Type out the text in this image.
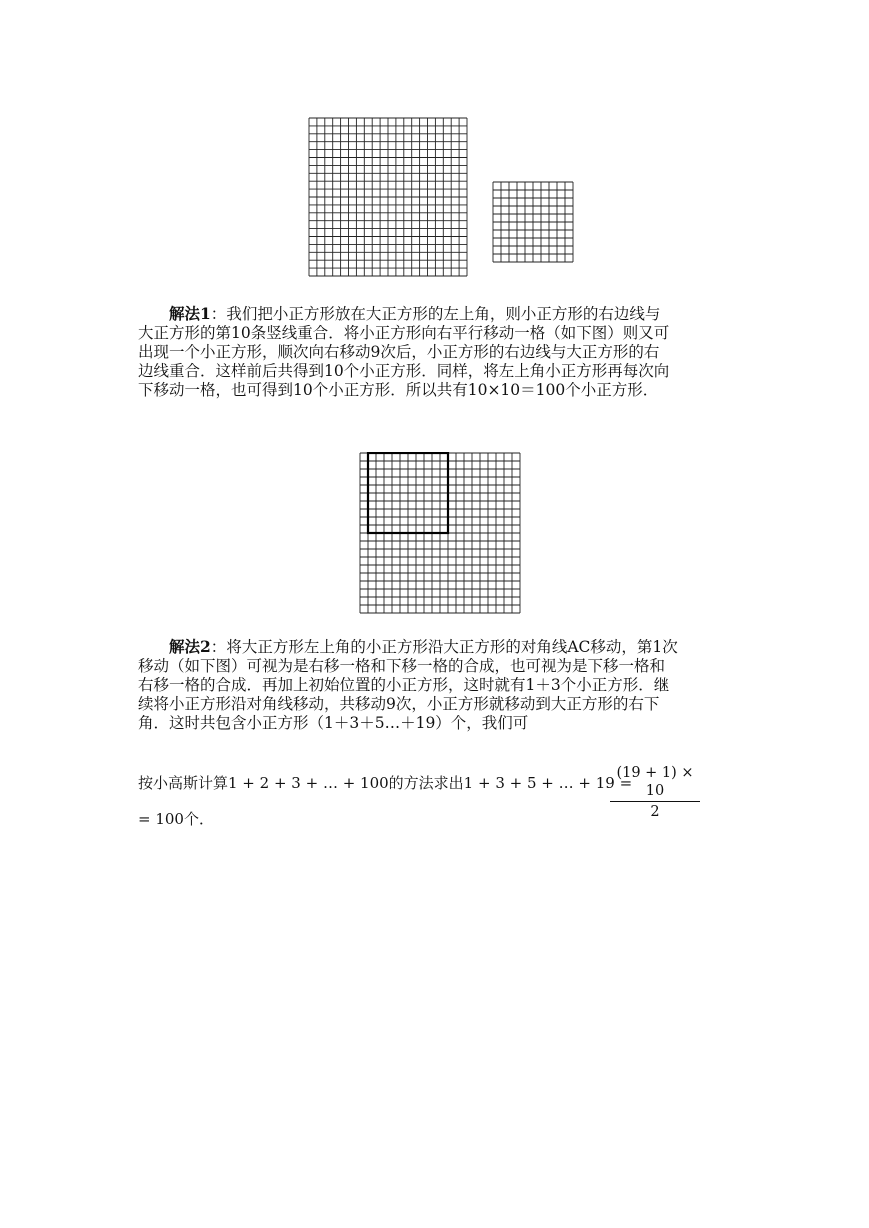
解法1：我们把小正方形放在大正方形的左上角，则小正方形的右边线与
大正方形的第10条竖线重合．将小正方形向右平行移动一格（如下图）则又可
出现一个小正方形，顺次向右移动9次后，小正方形的右边线与大正方形的右
边线重合．这样前后共得到10个小正方形．同样，将左上角小正方形再每次向
下移动一格，也可得到10个小正方形．所以共有10×10＝100个小正方形．
解法2：将大正方形左上角的小正方形沿大正方形的对角线AC移动，第1次
移动（如下图）可视为是右移一格和下移一格的合成，也可视为是下移一格和
右移一格的合成．再加上初始位置的小正方形，这时就有1＋3个小正方形．继
续将小正方形沿对角线移动，共移动9次，小正方形就移动到大正方形的右下
角．这时共包含小正方形（1＋3＋5…＋19）个，我们可
按小高斯计算1 + 2 + 3 + … + 100的方法求出1 + 3 + 5 + … + 19 =
(19 + 1) × 10
2
= 100个．
